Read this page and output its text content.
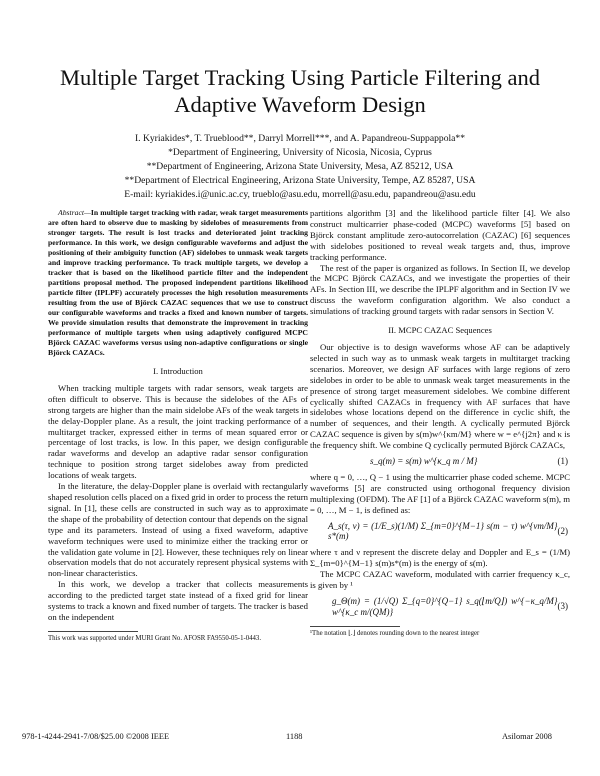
Multiple Target Tracking Using Particle Filtering and
Adaptive Waveform Design
I. Kyriakides*, T. Trueblood**, Darryl Morrell***, and A. Papandreou-Suppappola**
*Department of Engineering, University of Nicosia, Nicosia, Cyprus
**Department of Engineering, Arizona State University, Mesa, AZ 85212, USA
**Department of Electrical Engineering, Arizona State University, Tempe, AZ 85287, USA
E-mail: kyriakides.i@unic.ac.cy, trueblo@asu.edu, morrell@asu.edu, papandreou@asu.edu

Abstract—In multiple target tracking with radar, weak target measurements are often hard to observe due to masking by sidelobes of measurements from stronger targets. The result is lost tracks and deteriorated joint tracking performance. In this work, we design configurable waveforms and adjust the positioning of their ambiguity function (AF) sidelobes to unmask weak targets and improve tracking performance. To track multiple targets, we develop a tracker that is based on the likelihood particle filter and the independent partitions proposal method. The proposed independent partitions likelihood particle filter (IPLPF) accurately processes the high resolution measurements resulting from the use of Björck CAZAC sequences that we use to construct our configurable waveforms and tracks a fixed and known number of targets. We provide simulation results that demonstrate the improvement in tracking performance of multiple targets when using adaptively configured MCPC Björck CAZAC waveforms versus using non-adaptive configurations or single Björck CAZACs.

I. Introduction

When tracking multiple targets with radar sensors, weak targets are often difficult to observe. This is because the sidelobes of the AFs of strong targets are higher than the main sidelobe AFs of the weak targets in the delay-Doppler plane. As a result, the joint tracking performance of a multitarget tracker, expressed either in terms of mean squared error or percentage of lost tracks, is low. In this paper, we design configurable radar waveforms and develop an adaptive radar sensor configuration technique to position strong target sidelobes away from predicted locations of weak targets.

In the literature, the delay-Doppler plane is overlaid with rectangularly shaped resolution cells placed on a fixed grid in order to process the return signal. In [1], these cells are constructed in such way as to approximate the shape of the probability of detection contour that depends on the signal type and its parameters. Instead of using a fixed waveform, adaptive waveform techniques were used to minimize either the tracking error or the validation gate volume in [2]. However, these techniques rely on linear observation models that do not accurately represent physical systems with non-linear characteristics.

In this work, we develop a tracker that collects measurements according to the predicted target state instead of a fixed grid for linear systems to track a known and fixed number of targets. The tracker is based on the independent

This work was supported under MURI Grant No. AFOSR FA9550-05-1-0443.

partitions algorithm [3] and the likelihood particle filter [4]. We also construct multicarrier phase-coded (MCPC) waveforms [5] based on Björck constant amplitude zero-autocorrelation (CAZAC) [6] sequences with sidelobes positioned to reveal weak targets and, thus, improve tracking performance.

The rest of the paper is organized as follows. In Section II, we develop the MCPC Björck CAZACs, and we investigate the properties of their AFs. In Section III, we describe the IPLPF algorithm and in Section IV we discuss the waveform configuration algorithm. We also conduct a simulations of tracking ground targets with radar sensors in Section V.

II. MCPC CAZAC Sequences

Our objective is to design waveforms whose AF can be adaptively selected in such way as to unmask weak targets in multitarget tracking scenarios. Moreover, we design AF surfaces with large regions of zero sidelobes in order to be able to unmask weak target measurements in the presence of strong target measurement sidelobes. We combine different cyclically shifted CAZACs in frequency with AF surfaces that have sidelobes whose locations depend on the difference in cyclic shift, the number of sequences, and their length. A cyclically permuted Björck CAZAC sequence is given by s(m)w^{κm/M} where w = e^{j2π} and κ is the frequency shift. We combine Q cyclically permuted Björck CAZACs,

s_q(m) = s(m) w^{κ_q m / M}	(1)

where q = 0, …, Q − 1 using the multicarrier phase coded scheme. MCPC waveforms [5] are constructed using orthogonal frequency division multiplexing (OFDM). The AF [1] of a Björck CAZAC waveform s(m), m = 0, …, M − 1, is defined as:

A_s(τ, ν) = (1/E_s)(1/M) Σ_{m=0}^{M−1} s(m − τ) w^{νm/M} s*(m)
(2)

where τ and ν represent the discrete delay and Doppler and E_s = (1/M) Σ_{m=0}^{M−1} s(m)s*(m) is the energy of s(m).

The MCPC CAZAC waveform, modulated with carrier frequency κ_c, is given by ¹

g_Θ(m) = (1/√Q) Σ_{q=0}^{Q−1} s_q(⌊m/Q⌋) w^{−κ_q/M} w^{κ_c m/(QM)}
(3)

¹The notation ⌊.⌋ denotes rounding down to the nearest integer

978-1-4244-2941-7/08/$25.00 ©2008 IEEE	1188	Asilomar 2008
